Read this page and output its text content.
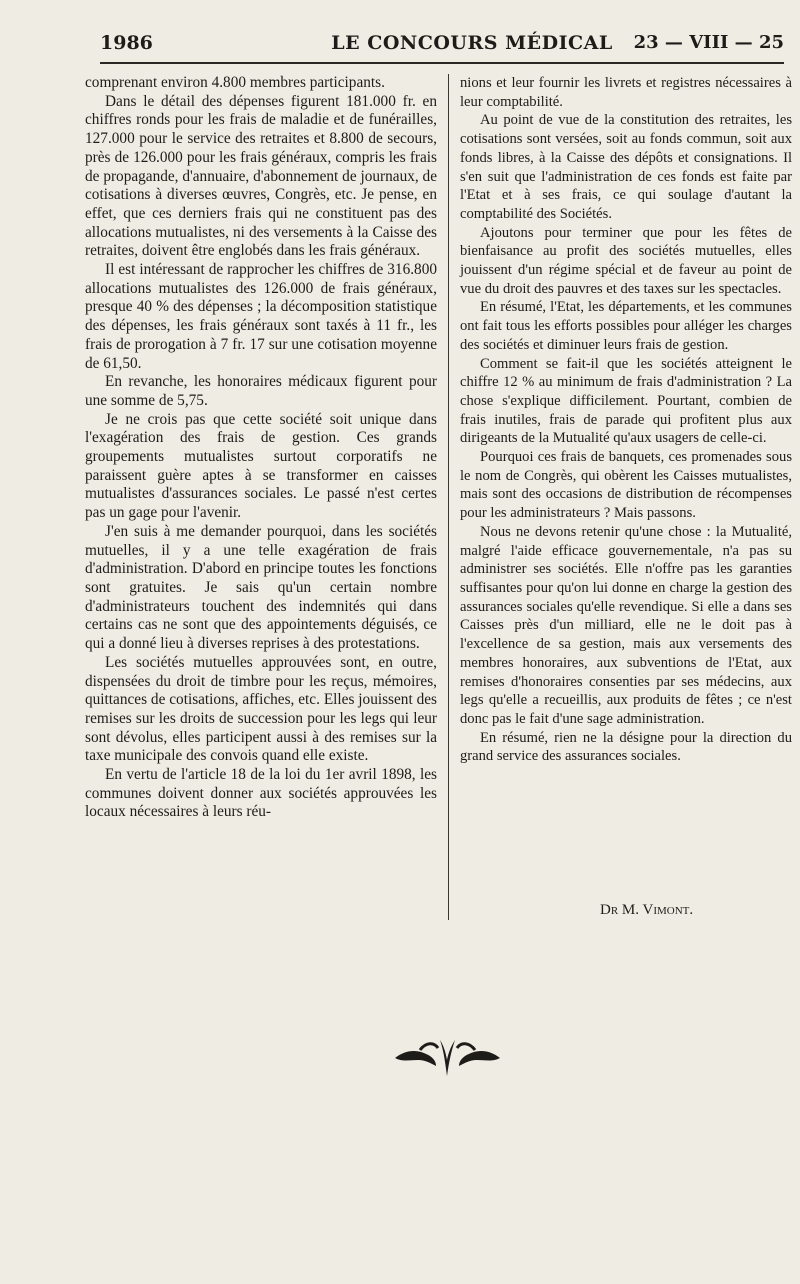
1986	LE CONCOURS MÉDICAL	23 — VIII — 25

comprenant environ 4.800 membres participants.

Dans le détail des dépenses figurent 181.000 fr. en chiffres ronds pour les frais de maladie et de funérailles, 127.000 pour le service des retraites et 8.800 de secours, près de 126.000 pour les frais généraux, compris les frais de propagande, d'annuaire, d'abonnement de journaux, de cotisations à diverses œuvres, Congrès, etc. Je pense, en effet, que ces derniers frais qui ne constituent pas des allocations mutualistes, ni des versements à la Caisse des retraites, doivent être englobés dans les frais généraux.

Il est intéressant de rapprocher les chiffres de 316.800 allocations mutualistes des 126.000 de frais généraux, presque 40 % des dépenses ; la décomposition statistique des dépenses, les frais généraux sont taxés à 11 fr., les frais de prorogation à 7 fr. 17 sur une cotisation moyenne de 61,50.

En revanche, les honoraires médicaux figurent pour une somme de 5,75.

Je ne crois pas que cette société soit unique dans l'exagération des frais de gestion. Ces grands groupements mutualistes surtout corporatifs ne paraissent guère aptes à se transformer en caisses mutualistes d'assurances sociales. Le passé n'est certes pas un gage pour l'avenir.

J'en suis à me demander pourquoi, dans les sociétés mutuelles, il y a une telle exagération de frais d'administration. D'abord en principe toutes les fonctions sont gratuites. Je sais qu'un certain nombre d'administrateurs touchent des indemnités qui dans certains cas ne sont que des appointements déguisés, ce qui a donné lieu à diverses reprises à des protestations.

Les sociétés mutuelles approuvées sont, en outre, dispensées du droit de timbre pour les reçus, mémoires, quittances de cotisations, affiches, etc. Elles jouissent des remises sur les droits de succession pour les legs qui leur sont dévolus, elles participent aussi à des remises sur la taxe municipale des convois quand elle existe.

En vertu de l'article 18 de la loi du 1er avril 1898, les communes doivent donner aux sociétés approuvées les locaux nécessaires à leurs réu-

nions et leur fournir les livrets et registres nécessaires à leur comptabilité.

Au point de vue de la constitution des retraites, les cotisations sont versées, soit au fonds commun, soit aux fonds libres, à la Caisse des dépôts et consignations. Il s'en suit que l'administration de ces fonds est faite par l'Etat et à ses frais, ce qui soulage d'autant la comptabilité des Sociétés.

Ajoutons pour terminer que pour les fêtes de bienfaisance au profit des sociétés mutuelles, elles jouissent d'un régime spécial et de faveur au point de vue du droit des pauvres et des taxes sur les spectacles.

En résumé, l'Etat, les départements, et les communes ont fait tous les efforts possibles pour alléger les charges des sociétés et diminuer leurs frais de gestion.

Comment se fait-il que les sociétés atteignent le chiffre 12 % au minimum de frais d'administration ? La chose s'explique difficilement. Pourtant, combien de frais inutiles, frais de parade qui profitent plus aux dirigeants de la Mutualité qu'aux usagers de celle-ci.

Pourquoi ces frais de banquets, ces promenades sous le nom de Congrès, qui obèrent les Caisses mutualistes, mais sont des occasions de distribution de récompenses pour les administrateurs ? Mais passons.

Nous ne devons retenir qu'une chose : la Mutualité, malgré l'aide efficace gouvernementale, n'a pas su administrer ses sociétés. Elle n'offre pas les garanties suffisantes pour qu'on lui donne en charge la gestion des assurances sociales qu'elle revendique. Si elle a dans ses Caisses près d'un milliard, elle ne le doit pas à l'excellence de sa gestion, mais aux versements des membres honoraires, aux subventions de l'Etat, aux remises d'honoraires consenties par ses médecins, aux legs qu'elle a recueillis, aux produits de fêtes ; ce n'est donc pas le fait d'une sage administration.

En résumé, rien ne la désigne pour la direction du grand service des assurances sociales.

Dr M. Vimont.
